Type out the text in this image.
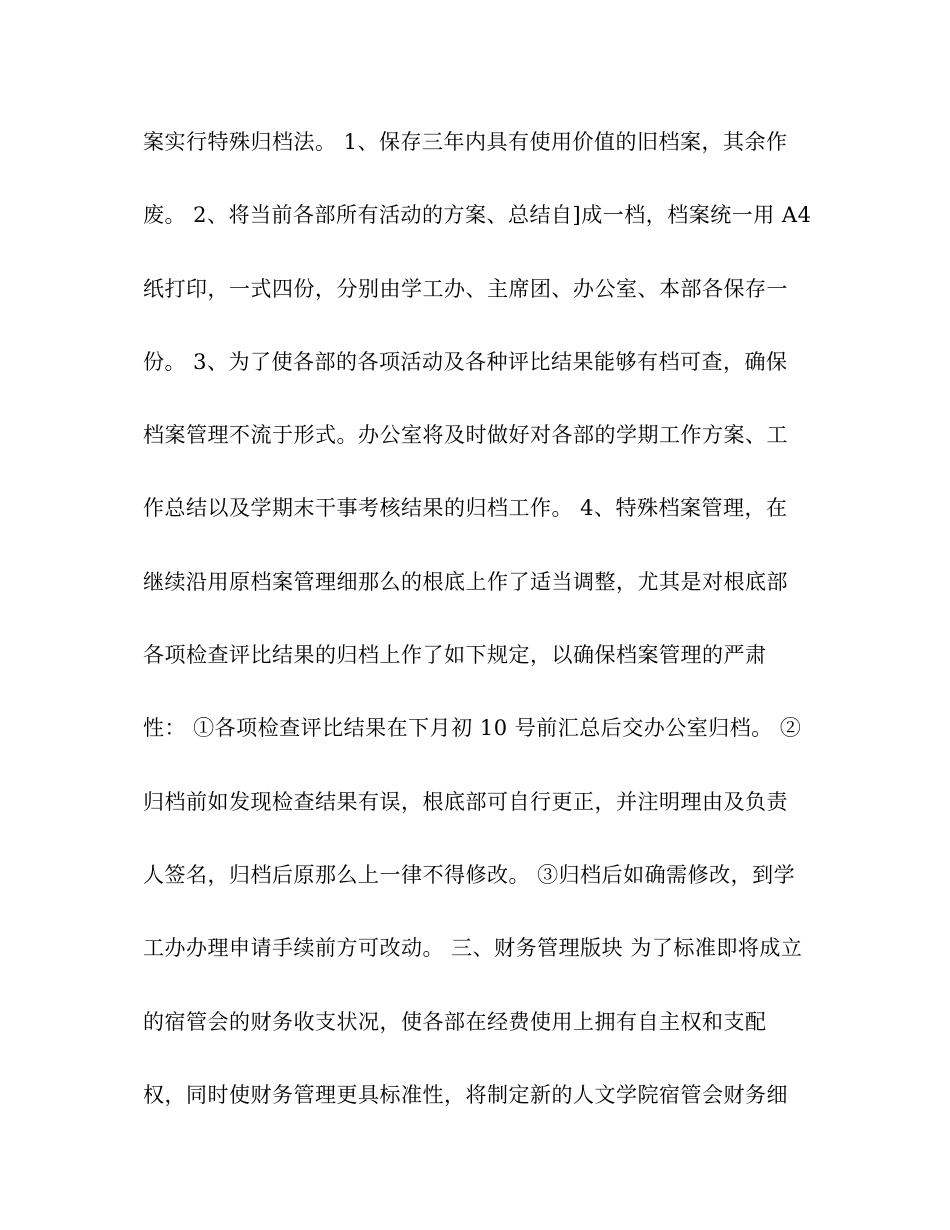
案实行特殊归档法。 1、保存三年内具有使用价值的旧档案，其余作
废。 2、将当前各部所有活动的方案、总结自]成一档，档案统一用 A4
纸打印，一式四份，分别由学工办、主席团、办公室、本部各保存一
份。 3、为了使各部的各项活动及各种评比结果能够有档可查，确保
档案管理不流于形式。办公室将及时做好对各部的学期工作方案、工
作总结以及学期末干事考核结果的归档工作。 4、特殊档案管理，在
继续沿用原档案管理细那么的根底上作了适当调整，尤其是对根底部
各项检查评比结果的归档上作了如下规定，以确保档案管理的严肃
性： ①各项检查评比结果在下月初 10 号前汇总后交办公室归档。 ②
归档前如发现检查结果有误，根底部可自行更正，并注明理由及负责
人签名，归档后原那么上一律不得修改。 ③归档后如确需修改，到学
工办办理申请手续前方可改动。 三、财务管理版块 为了标准即将成立
的宿管会的财务收支状况，使各部在经费使用上拥有自主权和支配
权，同时使财务管理更具标准性，将制定新的人文学院宿管会财务细
